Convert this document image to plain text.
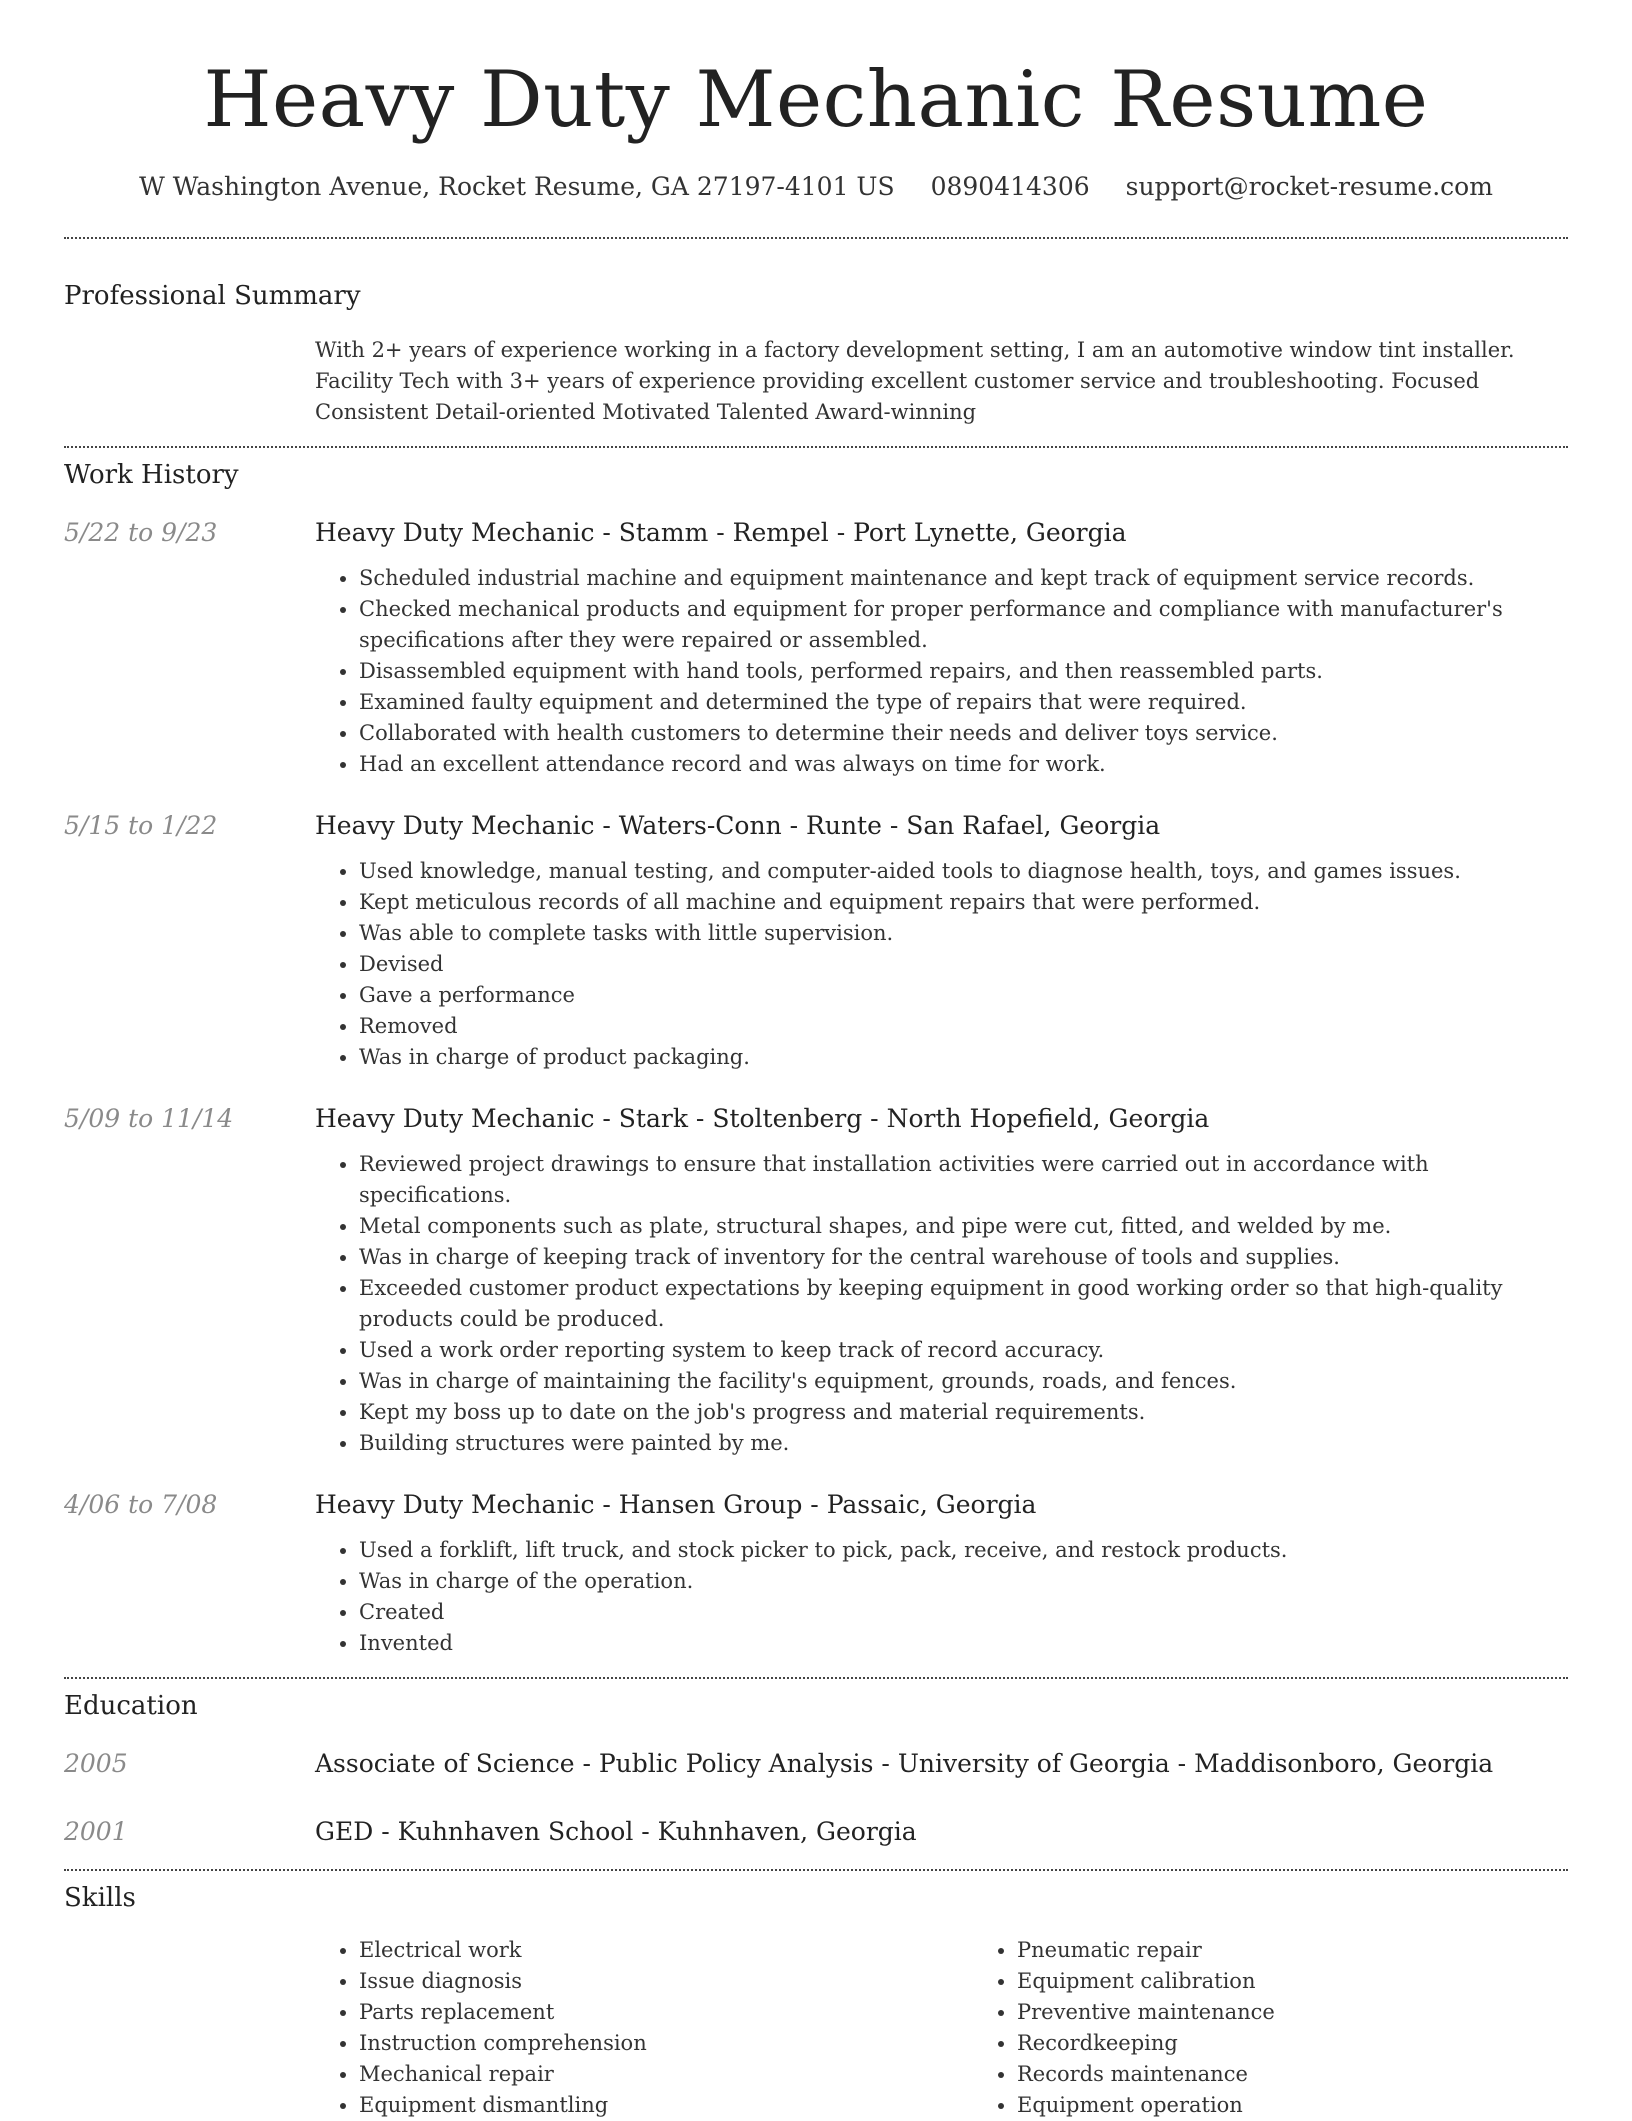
Heavy Duty Mechanic Resume
W Washington Avenue, Rocket Resume, GA 27197-4101 US 0890414306 support@rocket-resume.com
Professional Summary
With 2+ years of experience working in a factory development setting, I am an automotive window tint installer. Facility Tech with 3+ years of experience providing excellent customer service and troubleshooting. Focused Consistent Detail-oriented Motivated Talented Award-winning
Work History
5/22 to 9/23	Heavy Duty Mechanic - Stamm - Rempel - Port Lynette, Georgia
• Scheduled industrial machine and equipment maintenance and kept track of equipment service records.
• Checked mechanical products and equipment for proper performance and compliance with manufacturer's specifications after they were repaired or assembled.
• Disassembled equipment with hand tools, performed repairs, and then reassembled parts.
• Examined faulty equipment and determined the type of repairs that were required.
• Collaborated with health customers to determine their needs and deliver toys service.
• Had an excellent attendance record and was always on time for work.
5/15 to 1/22	Heavy Duty Mechanic - Waters-Conn - Runte - San Rafael, Georgia
• Used knowledge, manual testing, and computer-aided tools to diagnose health, toys, and games issues.
• Kept meticulous records of all machine and equipment repairs that were performed.
• Was able to complete tasks with little supervision.
• Devised
• Gave a performance
• Removed
• Was in charge of product packaging.
5/09 to 11/14	Heavy Duty Mechanic - Stark - Stoltenberg - North Hopefield, Georgia
• Reviewed project drawings to ensure that installation activities were carried out in accordance with specifications.
• Metal components such as plate, structural shapes, and pipe were cut, fitted, and welded by me.
• Was in charge of keeping track of inventory for the central warehouse of tools and supplies.
• Exceeded customer product expectations by keeping equipment in good working order so that high-quality products could be produced.
• Used a work order reporting system to keep track of record accuracy.
• Was in charge of maintaining the facility's equipment, grounds, roads, and fences.
• Kept my boss up to date on the job's progress and material requirements.
• Building structures were painted by me.
4/06 to 7/08	Heavy Duty Mechanic - Hansen Group - Passaic, Georgia
• Used a forklift, lift truck, and stock picker to pick, pack, receive, and restock products.
• Was in charge of the operation.
• Created
• Invented
Education
2005	Associate of Science - Public Policy Analysis - University of Georgia - Maddisonboro, Georgia
2001	GED - Kuhnhaven School - Kuhnhaven, Georgia
Skills
• Electrical work
• Issue diagnosis
• Parts replacement
• Instruction comprehension
• Mechanical repair
• Equipment dismantling
• Pneumatic repair
• Equipment calibration
• Preventive maintenance
• Recordkeeping
• Records maintenance
• Equipment operation
